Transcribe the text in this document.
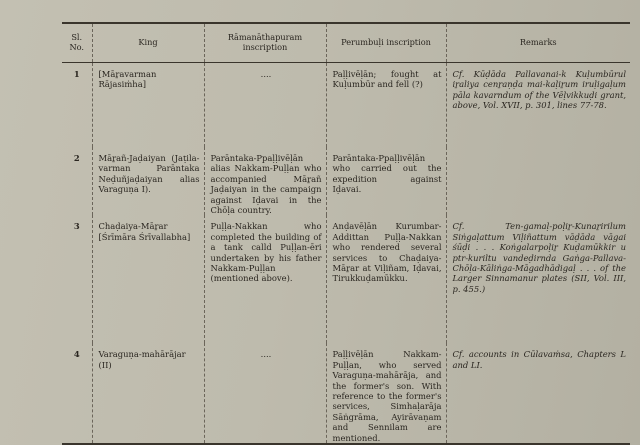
Sl. No.	King	Rāmanāthapuram inscription	Perumbuḷi inscription	Remarks
1	[Māṟavarman Rājasiṁha]	....	Paḷḷivēḷān; fought at Kuḷumbūr and fell (?)	Cf. Kūḍāda Pallavanai-k Kuḷumbūrul iṟaliya cenṟaṇḍa mai-kaḷiṟum iruḷigaḷum pāla kavarndum of the Vēḷvikkuḍi grant, above, Vol. XVII, p. 301, lines 77-78.
2	Māṟañ-Jaḍaiyan (Jaṭila-varman Parāntaka Neḍuñjaḍaiyan alias Varaguṇa I).	Parāntaka-Ppaḷḷivēḷān alias Nakkam-Puḷḷan who accompanied Māṟañ Jaḍaiyan in the campaign against Iḍavai in the Chōḷa country.	Parāntaka-Ppaḷḷivēḷān who carried out the expedition against Iḍavai.	
3	Chaḍaiya-Māṟar [Śrīmāra Śrīvallabha]	Puḷḷa-Nakkan who completed the building of a tank calld Puḷḷan-ēri undertaken by his father Nakkam-Puḷḷan (mentioned above).	Anḍavēḷān Kurumbar-Addittan Puḷḷa-Nakkan who rendered several services to Chaḍaiya-Māṟar at Viḷiñam, Iḍavai, Tirukkuḍamūkku.	Cf. Ten-gamaḷ-poḷiṟ-Kunaṟirilum Siṅgaḷattum Viḷiñattum vāḍāda vāgai śūḍi . . . Koṅgalarpoḷiṟ Kuḍamūkkir u ptr-kuriltu vandeḍirnda Gaṅga-Pallava-Chōḷa-Kāliṅga-Māgadhādigaḷ . . . of the Larger Sinnamanur plates (SII, Vol. III, p. 455.)
4	Varaguṇa-mahārājar (II)	....	Paḷḷivēḷān Nakkam-Puḷḷan, who served Varaguṇa-mahārāja, and the former's son. With reference to the former's services, Simhaḷarāja Sāṅgrāma, Ayirāvaṇam and Sennilam are mentioned.	Cf. accounts in Cūlavaṁsa, Chapters L and LI.
